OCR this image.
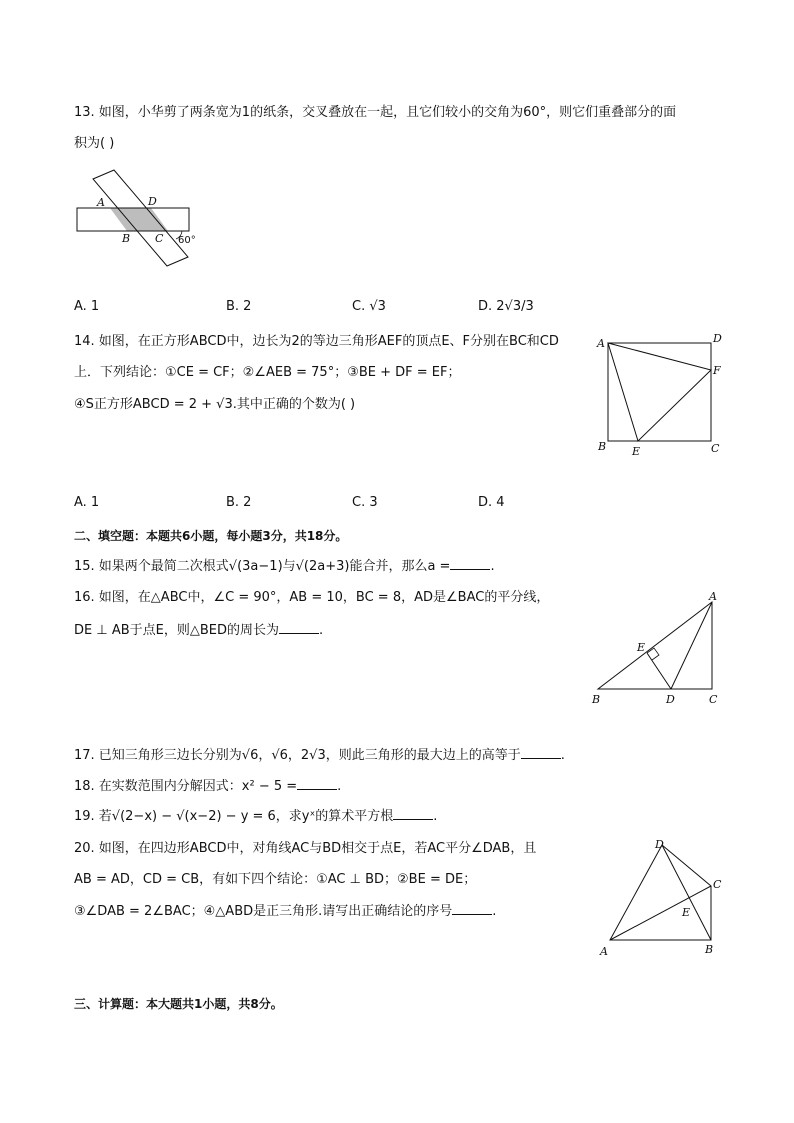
13. 如图，小华剪了两条宽为1的纸条，交叉叠放在一起，且它们较小的交角为60°，则它们重叠部分的面
积为( )
A	D
B C 60°
A. 1	B. 2	C. √3	D. 2√3/3
14. 如图，在正方形ABCD中，边长为2的等边三角形AEF的顶点E、F分别在BC和CD
上．下列结论：①CE = CF；②∠AEB = 75°；③BE + DF = EF；
④S正方形ABCD = 2 + √3.其中正确的个数为( )
A	D
F
B E	C
A. 1	B. 2	C. 3	D. 4
二、填空题：本题共6小题，每小题3分，共18分。
15. 如果两个最简二次根式√(3a−1)与√(2a+3)能合并，那么a =	.
16. 如图，在△ABC中，∠C = 90°，AB = 10，BC = 8，AD是∠BAC的平分线，
DE ⊥ AB于点E，则△BED的周长为	.
A
E
B	D	C
17. 已知三角形三边长分别为√6，√6，2√3，则此三角形的最大边上的高等于	.
18. 在实数范围内分解因式：x² − 5 =	.
19. 若√(2−x) − √(x−2) − y = 6，求yˣ的算术平方根	.
20. 如图，在四边形ABCD中，对角线AC与BD相交于点E，若AC平分∠DAB，且
AB = AD，CD = CB，有如下四个结论：①AC ⊥ BD；②BE = DE；
③∠DAB = 2∠BAC；④△ABD是正三角形.请写出正确结论的序号	.
D
C
E
A	B
三、计算题：本大题共1小题，共8分。
